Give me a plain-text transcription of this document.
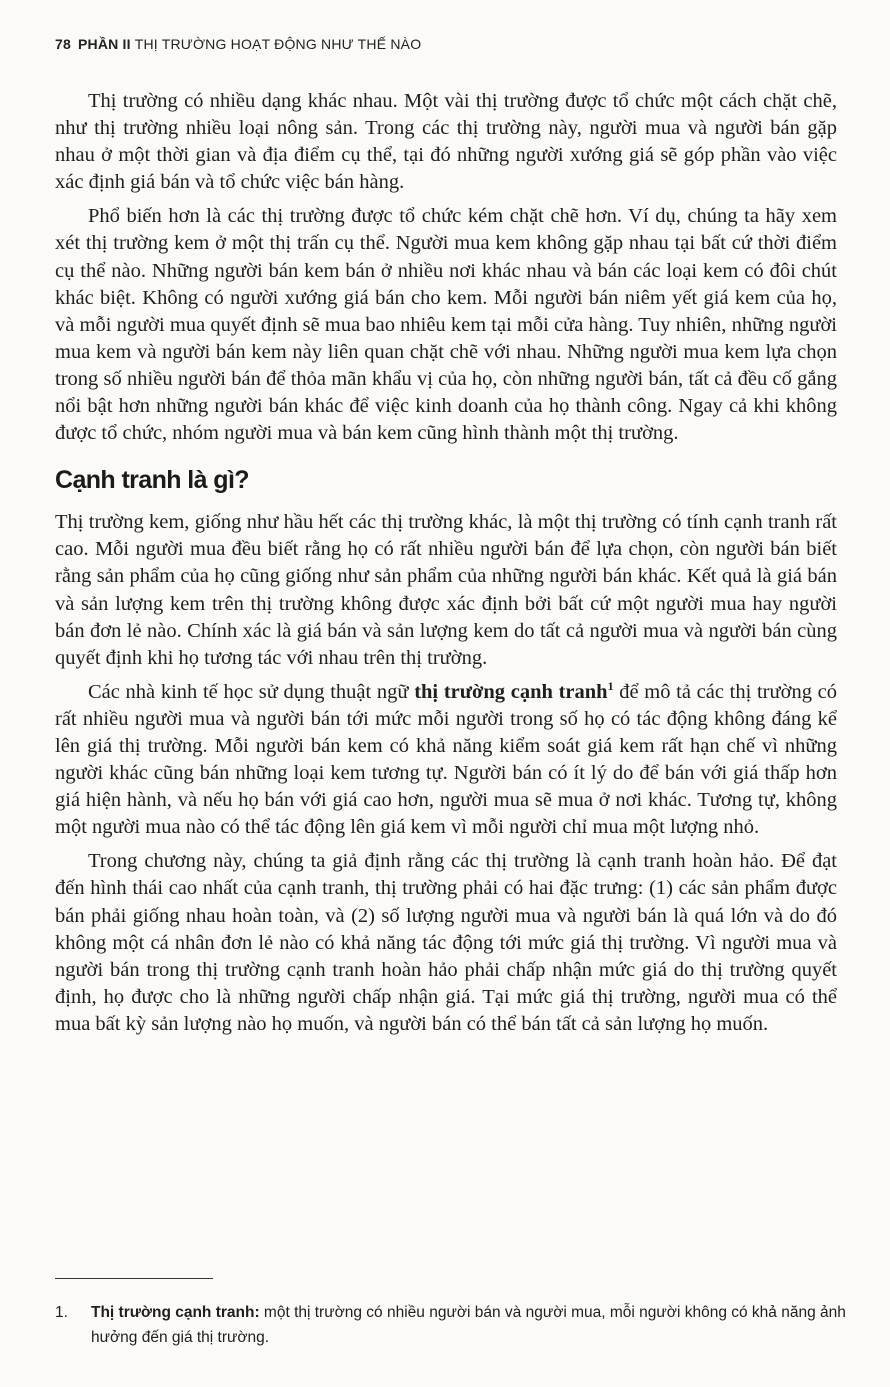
78 PHẦN II THỊ TRƯỜNG HOẠT ĐỘNG NHƯ THẾ NÀO

Thị trường có nhiều dạng khác nhau. Một vài thị trường được tổ chức một cách chặt chẽ, như thị trường nhiều loại nông sản. Trong các thị trường này, người mua và người bán gặp nhau ở một thời gian và địa điểm cụ thể, tại đó những người xướng giá sẽ góp phần vào việc xác định giá bán và tổ chức việc bán hàng.

Phổ biến hơn là các thị trường được tổ chức kém chặt chẽ hơn. Ví dụ, chúng ta hãy xem xét thị trường kem ở một thị trấn cụ thể. Người mua kem không gặp nhau tại bất cứ thời điểm cụ thể nào. Những người bán kem bán ở nhiều nơi khác nhau và bán các loại kem có đôi chút khác biệt. Không có người xướng giá bán cho kem. Mỗi người bán niêm yết giá kem của họ, và mỗi người mua quyết định sẽ mua bao nhiêu kem tại mỗi cửa hàng. Tuy nhiên, những người mua kem và người bán kem này liên quan chặt chẽ với nhau. Những người mua kem lựa chọn trong số nhiều người bán để thỏa mãn khẩu vị của họ, còn những người bán, tất cả đều cố gắng nổi bật hơn những người bán khác để việc kinh doanh của họ thành công. Ngay cả khi không được tổ chức, nhóm người mua và bán kem cũng hình thành một thị trường.

Cạnh tranh là gì?

Thị trường kem, giống như hầu hết các thị trường khác, là một thị trường có tính cạnh tranh rất cao. Mỗi người mua đều biết rằng họ có rất nhiều người bán để lựa chọn, còn người bán biết rằng sản phẩm của họ cũng giống như sản phẩm của những người bán khác. Kết quả là giá bán và sản lượng kem trên thị trường không được xác định bởi bất cứ một người mua hay người bán đơn lẻ nào. Chính xác là giá bán và sản lượng kem do tất cả người mua và người bán cùng quyết định khi họ tương tác với nhau trên thị trường.

Các nhà kinh tế học sử dụng thuật ngữ thị trường cạnh tranh$^1$ để mô tả các thị trường có rất nhiều người mua và người bán tới mức mỗi người trong số họ có tác động không đáng kể lên giá thị trường. Mỗi người bán kem có khả năng kiểm soát giá kem rất hạn chế vì những người khác cũng bán những loại kem tương tự. Người bán có ít lý do để bán với giá thấp hơn giá hiện hành, và nếu họ bán với giá cao hơn, người mua sẽ mua ở nơi khác. Tương tự, không một người mua nào có thể tác động lên giá kem vì mỗi người chỉ mua một lượng nhỏ.

Trong chương này, chúng ta giả định rằng các thị trường là cạnh tranh hoàn hảo. Để đạt đến hình thái cao nhất của cạnh tranh, thị trường phải có hai đặc trưng: (1) các sản phẩm được bán phải giống nhau hoàn toàn, và (2) số lượng người mua và người bán là quá lớn và do đó không một cá nhân đơn lẻ nào có khả năng tác động tới mức giá thị trường. Vì người mua và người bán trong thị trường cạnh tranh hoàn hảo phải chấp nhận mức giá do thị trường quyết định, họ được cho là những người chấp nhận giá. Tại mức giá thị trường, người mua có thể mua bất kỳ sản lượng nào họ muốn, và người bán có thể bán tất cả sản lượng họ muốn.

1. Thị trường cạnh tranh: một thị trường có nhiều người bán và người mua, mỗi người không có khả năng ảnh hưởng đến giá thị trường.
